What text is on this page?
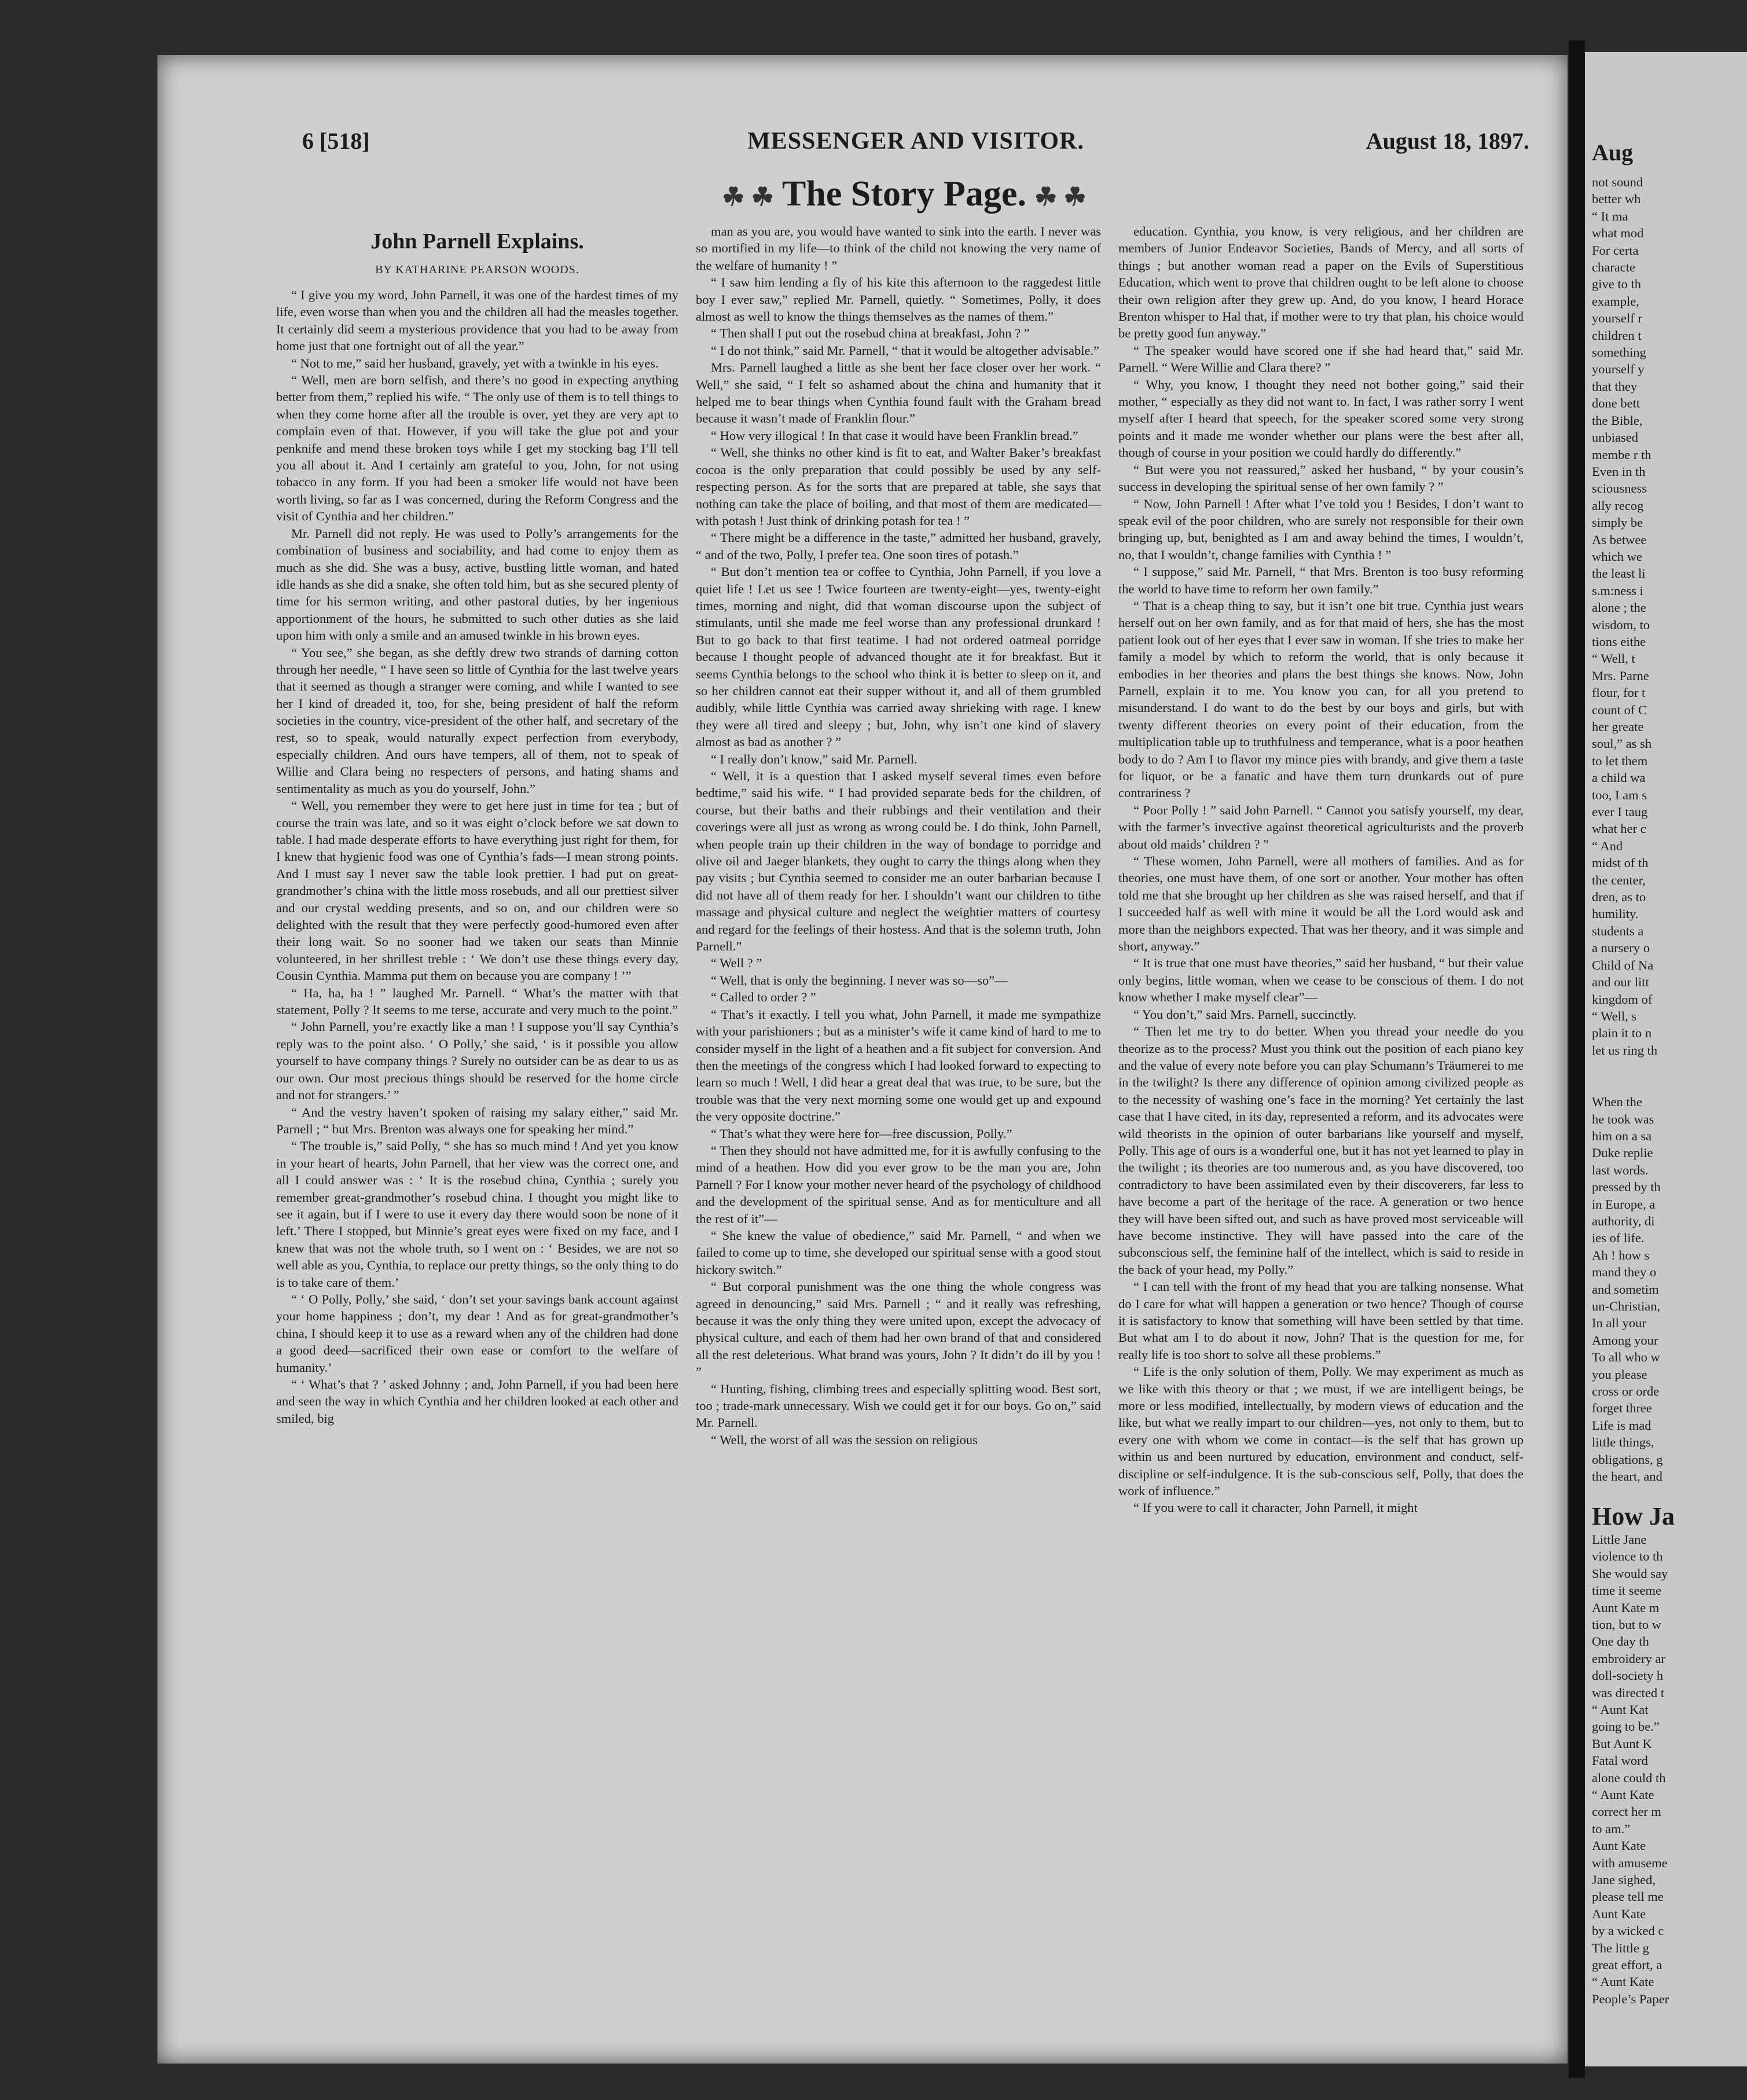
6 [518]	MESSENGER AND VISITOR.	August 18, 1897.
☘ ☘ The Story Page. ☘ ☘
John Parnell Explains.
BY KATHARINE PEARSON WOODS.

“ I give you my word, John Parnell, it was one of the hardest times of my life, even worse than when you and the children all had the measles together. It certainly did seem a mysterious providence that you had to be away from home just that one fortnight out of all the year.”

“ Not to me,” said her husband, gravely, yet with a twinkle in his eyes.

“ Well, men are born selfish, and there’s no good in expecting anything better from them,” replied his wife. “ The only use of them is to tell things to when they come home after all the trouble is over, yet they are very apt to complain even of that. However, if you will take the glue pot and your penknife and mend these broken toys while I get my stocking bag I’ll tell you all about it. And I certainly am grateful to you, John, for not using tobacco in any form. If you had been a smoker life would not have been worth living, so far as I was concerned, during the Reform Congress and the visit of Cynthia and her children.”

Mr. Parnell did not reply. He was used to Polly’s arrangements for the combination of business and sociability, and had come to enjoy them as much as she did. She was a busy, active, bustling little woman, and hated idle hands as she did a snake, she often told him, but as she secured plenty of time for his sermon writing, and other pastoral duties, by her ingenious apportionment of the hours, he submitted to such other duties as she laid upon him with only a smile and an amused twinkle in his brown eyes.

“ You see,” she began, as she deftly drew two strands of darning cotton through her needle, “ I have seen so little of Cynthia for the last twelve years that it seemed as though a stranger were coming, and while I wanted to see her I kind of dreaded it, too, for she, being president of half the reform societies in the country, vice-president of the other half, and secretary of the rest, so to speak, would naturally expect perfection from everybody, especially children. And ours have tempers, all of them, not to speak of Willie and Clara being no respecters of persons, and hating shams and sentimentality as much as you do yourself, John.”

“ Well, you remember they were to get here just in time for tea ; but of course the train was late, and so it was eight o’clock before we sat down to table. I had made desperate efforts to have everything just right for them, for I knew that hygienic food was one of Cynthia’s fads—I mean strong points. And I must say I never saw the table look prettier. I had put on great-grandmother’s china with the little moss rosebuds, and all our prettiest silver and our crystal wedding presents, and so on, and our children were so delighted with the result that they were perfectly good-humored even after their long wait. So no sooner had we taken our seats than Minnie volunteered, in her shrillest treble : ‘ We don’t use these things every day, Cousin Cynthia. Mamma put them on because you are company ! ’”

“ Ha, ha, ha ! ” laughed Mr. Parnell. “ What’s the matter with that statement, Polly ? It seems to me terse, accurate and very much to the point.”

“ John Parnell, you’re exactly like a man ! I suppose you’ll say Cynthia’s reply was to the point also. ‘ O Polly,’ she said, ‘ is it possible you allow yourself to have company things ? Surely no outsider can be as dear to us as our own. Our most precious things should be reserved for the home circle and not for strangers.’ ”

“ And the vestry haven’t spoken of raising my salary either,” said Mr. Parnell ; “ but Mrs. Brenton was always one for speaking her mind.”

“ The trouble is,” said Polly, “ she has so much mind ! And yet you know in your heart of hearts, John Parnell, that her view was the correct one, and all I could answer was : ‘ It is the rosebud china, Cynthia ; surely you remember great-grandmother’s rosebud china. I thought you might like to see it again, but if I were to use it every day there would soon be none of it left.’ There I stopped, but Minnie’s great eyes were fixed on my face, and I knew that was not the whole truth, so I went on : ‘ Besides, we are not so well able as you, Cynthia, to replace our pretty things, so the only thing to do is to take care of them.’

“ ‘ O Polly, Polly,’ she said, ‘ don’t set your savings bank account against your home happiness ; don’t, my dear ! And as for great-grandmother’s china, I should keep it to use as a reward when any of the children had done a good deed—sacrificed their own ease or comfort to the welfare of humanity.’

“ ‘ What’s that ? ’ asked Johnny ; and, John Parnell, if you had been here and seen the way in which Cynthia and her children looked at each other and smiled, big

man as you are, you would have wanted to sink into the earth. I never was so mortified in my life—to think of the child not knowing the very name of the welfare of humanity ! ”

“ I saw him lending a fly of his kite this afternoon to the raggedest little boy I ever saw,” replied Mr. Parnell, quietly. “ Sometimes, Polly, it does almost as well to know the things themselves as the names of them.”

“ Then shall I put out the rosebud china at breakfast, John ? ”

“ I do not think,” said Mr. Parnell, “ that it would be altogether advisable.”

Mrs. Parnell laughed a little as she bent her face closer over her work. “ Well,” she said, “ I felt so ashamed about the china and humanity that it helped me to bear things when Cynthia found fault with the Graham bread because it wasn’t made of Franklin flour.”

“ How very illogical ! In that case it would have been Franklin bread.”

“ Well, she thinks no other kind is fit to eat, and Walter Baker’s breakfast cocoa is the only preparation that could possibly be used by any self-respecting person. As for the sorts that are prepared at table, she says that nothing can take the place of boiling, and that most of them are medicated—with potash ! Just think of drinking potash for tea ! ”

“ There might be a difference in the taste,” admitted her husband, gravely, “ and of the two, Polly, I prefer tea. One soon tires of potash.”

“ But don’t mention tea or coffee to Cynthia, John Parnell, if you love a quiet life ! Let us see ! Twice fourteen are twenty-eight—yes, twenty-eight times, morning and night, did that woman discourse upon the subject of stimulants, until she made me feel worse than any professional drunkard ! But to go back to that first teatime. I had not ordered oatmeal porridge because I thought people of advanced thought ate it for breakfast. But it seems Cynthia belongs to the school who think it is better to sleep on it, and so her children cannot eat their supper without it, and all of them grumbled audibly, while little Cynthia was carried away shrieking with rage. I knew they were all tired and sleepy ; but, John, why isn’t one kind of slavery almost as bad as another ? ”

“ I really don’t know,” said Mr. Parnell.

“ Well, it is a question that I asked myself several times even before bedtime,” said his wife. “ I had provided separate beds for the children, of course, but their baths and their rubbings and their ventilation and their coverings were all just as wrong as wrong could be. I do think, John Parnell, when people train up their children in the way of bondage to porridge and olive oil and Jaeger blankets, they ought to carry the things along when they pay visits ; but Cynthia seemed to consider me an outer barbarian because I did not have all of them ready for her. I shouldn’t want our children to tithe massage and physical culture and neglect the weightier matters of courtesy and regard for the feelings of their hostess. And that is the solemn truth, John Parnell.”

“ Well ? ”

“ Well, that is only the beginning. I never was so—so”—

“ Called to order ? ”

“ That’s it exactly. I tell you what, John Parnell, it made me sympathize with your parishioners ; but as a minister’s wife it came kind of hard to me to consider myself in the light of a heathen and a fit subject for conversion. And then the meetings of the congress which I had looked forward to expecting to learn so much ! Well, I did hear a great deal that was true, to be sure, but the trouble was that the very next morning some one would get up and expound the very opposite doctrine.”

“ That’s what they were here for—free discussion, Polly.”

“ Then they should not have admitted me, for it is awfully confusing to the mind of a heathen. How did you ever grow to be the man you are, John Parnell ? For I know your mother never heard of the psychology of childhood and the development of the spiritual sense. And as for menticulture and all the rest of it”—

“ She knew the value of obedience,” said Mr. Parnell, “ and when we failed to come up to time, she developed our spiritual sense with a good stout hickory switch.”

“ But corporal punishment was the one thing the whole congress was agreed in denouncing,” said Mrs. Parnell ; “ and it really was refreshing, because it was the only thing they were united upon, except the advocacy of physical culture, and each of them had her own brand of that and considered all the rest deleterious. What brand was yours, John ? It didn’t do ill by you ! ”

“ Hunting, fishing, climbing trees and especially splitting wood. Best sort, too ; trade-mark unnecessary. Wish we could get it for our boys. Go on,” said Mr. Parnell.

“ Well, the worst of all was the session on religious

education. Cynthia, you know, is very religious, and her children are members of Junior Endeavor Societies, Bands of Mercy, and all sorts of things ; but another woman read a paper on the Evils of Superstitious Education, which went to prove that children ought to be left alone to choose their own religion after they grew up. And, do you know, I heard Horace Brenton whisper to Hal that, if mother were to try that plan, his choice would be pretty good fun anyway.”

“ The speaker would have scored one if she had heard that,” said Mr. Parnell. “ Were Willie and Clara there? ”

“ Why, you know, I thought they need not bother going,” said their mother, “ especially as they did not want to. In fact, I was rather sorry I went myself after I heard that speech, for the speaker scored some very strong points and it made me wonder whether our plans were the best after all, though of course in your position we could hardly do differently.”

“ But were you not reassured,” asked her husband, “ by your cousin’s success in developing the spiritual sense of her own family ? ”

“ Now, John Parnell ! After what I’ve told you ! Besides, I don’t want to speak evil of the poor children, who are surely not responsible for their own bringing up, but, benighted as I am and away behind the times, I wouldn’t, no, that I wouldn’t, change families with Cynthia ! ”

“ I suppose,” said Mr. Parnell, “ that Mrs. Brenton is too busy reforming the world to have time to reform her own family.”

“ That is a cheap thing to say, but it isn’t one bit true. Cynthia just wears herself out on her own family, and as for that maid of hers, she has the most patient look out of her eyes that I ever saw in woman. If she tries to make her family a model by which to reform the world, that is only because it embodies in her theories and plans the best things she knows. Now, John Parnell, explain it to me. You know you can, for all you pretend to misunderstand. I do want to do the best by our boys and girls, but with twenty different theories on every point of their education, from the multiplication table up to truthfulness and temperance, what is a poor heathen body to do ? Am I to flavor my mince pies with brandy, and give them a taste for liquor, or be a fanatic and have them turn drunkards out of pure contrariness ?

“ Poor Polly ! ” said John Parnell. “ Cannot you satisfy yourself, my dear, with the farmer’s invective against theoretical agriculturists and the proverb about old maids’ children ? ”

“ These women, John Parnell, were all mothers of families. And as for theories, one must have them, of one sort or another. Your mother has often told me that she brought up her children as she was raised herself, and that if I succeeded half as well with mine it would be all the Lord would ask and more than the neighbors expected. That was her theory, and it was simple and short, anyway.”

“ It is true that one must have theories,” said her husband, “ but their value only begins, little woman, when we cease to be conscious of them. I do not know whether I make myself clear”—

“ You don’t,” said Mrs. Parnell, succinctly.

“ Then let me try to do better. When you thread your needle do you theorize as to the process? Must you think out the position of each piano key and the value of every note before you can play Schumann’s Träumerei to me in the twilight? Is there any difference of opinion among civilized people as to the necessity of washing one’s face in the morning? Yet certainly the last case that I have cited, in its day, represented a reform, and its advocates were wild theorists in the opinion of outer barbarians like yourself and myself, Polly. This age of ours is a wonderful one, but it has not yet learned to play in the twilight ; its theories are too numerous and, as you have discovered, too contradictory to have been assimilated even by their discoverers, far less to have become a part of the heritage of the race. A generation or two hence they will have been sifted out, and such as have proved most serviceable will have become instinctive. They will have passed into the care of the subconscious self, the feminine half of the intellect, which is said to reside in the back of your head, my Polly.”

“ I can tell with the front of my head that you are talking nonsense. What do I care for what will happen a generation or two hence? Though of course it is satisfactory to know that something will have been settled by that time. But what am I to do about it now, John? That is the question for me, for really life is too short to solve all these problems.”

“ Life is the only solution of them, Polly. We may experiment as much as we like with this theory or that ; we must, if we are intelligent beings, be more or less modified, intellectually, by modern views of education and the like, but what we really impart to our children—yes, not only to them, but to every one with whom we come in contact—is the self that has grown up within us and been nurtured by education, environment and conduct, self-discipline or self-indulgence. It is the sub-conscious self, Polly, that does the work of influence.”

“ If you were to call it character, John Parnell, it might

Aug

not sound

better wh

“ It ma

what mod

For certa

characte

give to th

example,

yourself r

children t

something

yourself y

that they

done bett

the Bible,

unbiased

membe r th

Even in th

sciousness

ally recog

simply be

As betwee

which we

the least li

s.m:ness i

alone ; the

wisdom, to

tions eithe

“ Well, t

Mrs. Parne

flour, for t

count of C

her greate

soul,” as sh

to let them

a child wa

too, I am s

ever I taug

what her c

“ And

midst of th

the center,

dren, as to

humility.

students a

a nursery o

Child of Na

and our litt

kingdom of

“ Well, s

plain it to n

let us ring th

When the

he took was

him on a sa

Duke replie

last words.

pressed by th

in Europe, a

authority, di

ies of life.

Ah ! how s

mand they o

and sometim

un-Christian,

In all your

Among your

To all who w

you please

cross or orde

forget three

Life is mad

little things,

obligations, g

the heart, and

How Ja

Little Jane

violence to th

She would say

time it seeme

Aunt Kate m

tion, but to w

One day th

embroidery ar

doll-society h

was directed t

“ Aunt Kat

going to be.”

But Aunt K

Fatal word

alone could th

“ Aunt Kate

correct her m

to am.”

Aunt Kate

with amuseme

Jane sighed,

please tell me

Aunt Kate

by a wicked c

The little g

great effort, a

“ Aunt Kate

People’s Paper
